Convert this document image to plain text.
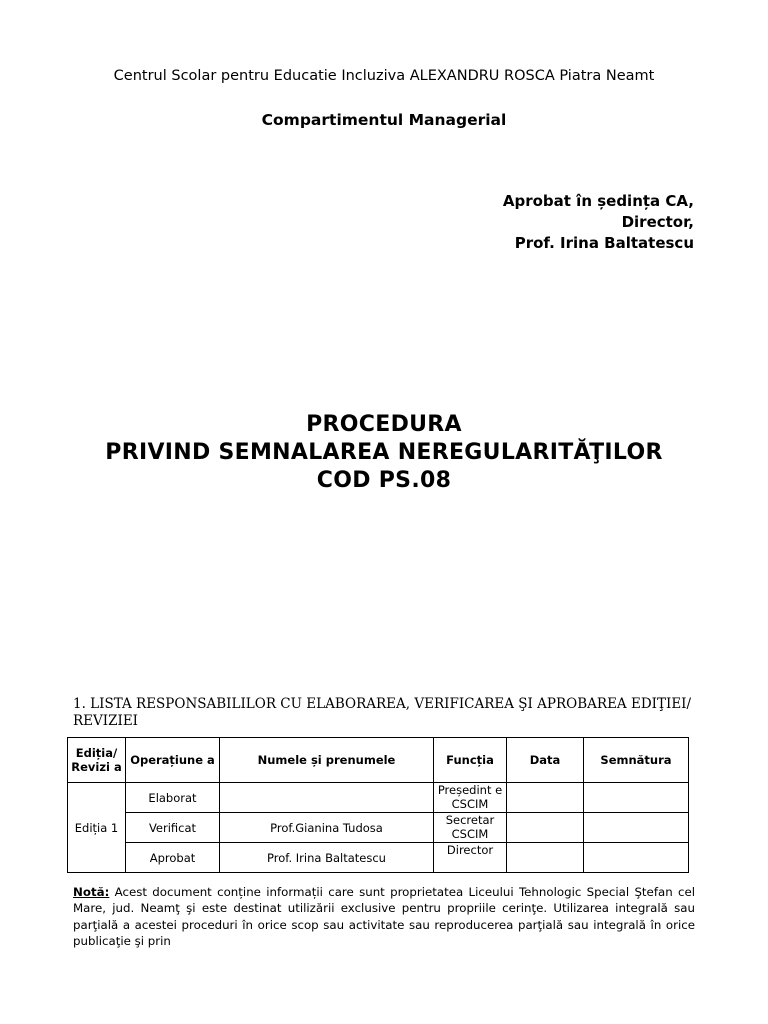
Centrul Scolar pentru Educatie Incluziva ALEXANDRU ROSCA Piatra Neamt
Compartimentul Managerial
Aprobat în ședința CA,
Director,
Prof. Irina Baltatescu
PROCEDURA
PRIVIND SEMNALAREA NEREGULARITĂŢILOR
COD PS.08
1. LISTA RESPONSABILILOR CU ELABORAREA, VERIFICAREA ŞI APROBAREA EDIŢIEI/ REVIZIEI
Ediția/ Revizi a	Operațiune a	Numele și prenumele	Funcția	Data	Semnătura
Ediția 1	Elaborat		Președint e CSCIM		
	Verificat	Prof.Gianina Tudosa	Secretar CSCIM		
	Aprobat	Prof. Irina Baltatescu	Director		
Notă: Acest document conține informații care sunt proprietatea Liceului Tehnologic Special Ştefan cel Mare, jud. Neamţ şi este destinat utilizării exclusive pentru propriile cerinţe. Utilizarea integrală sau parţială a acestei proceduri în orice scop sau activitate sau reproducerea parţială sau integrală în orice publicaţie şi prin
